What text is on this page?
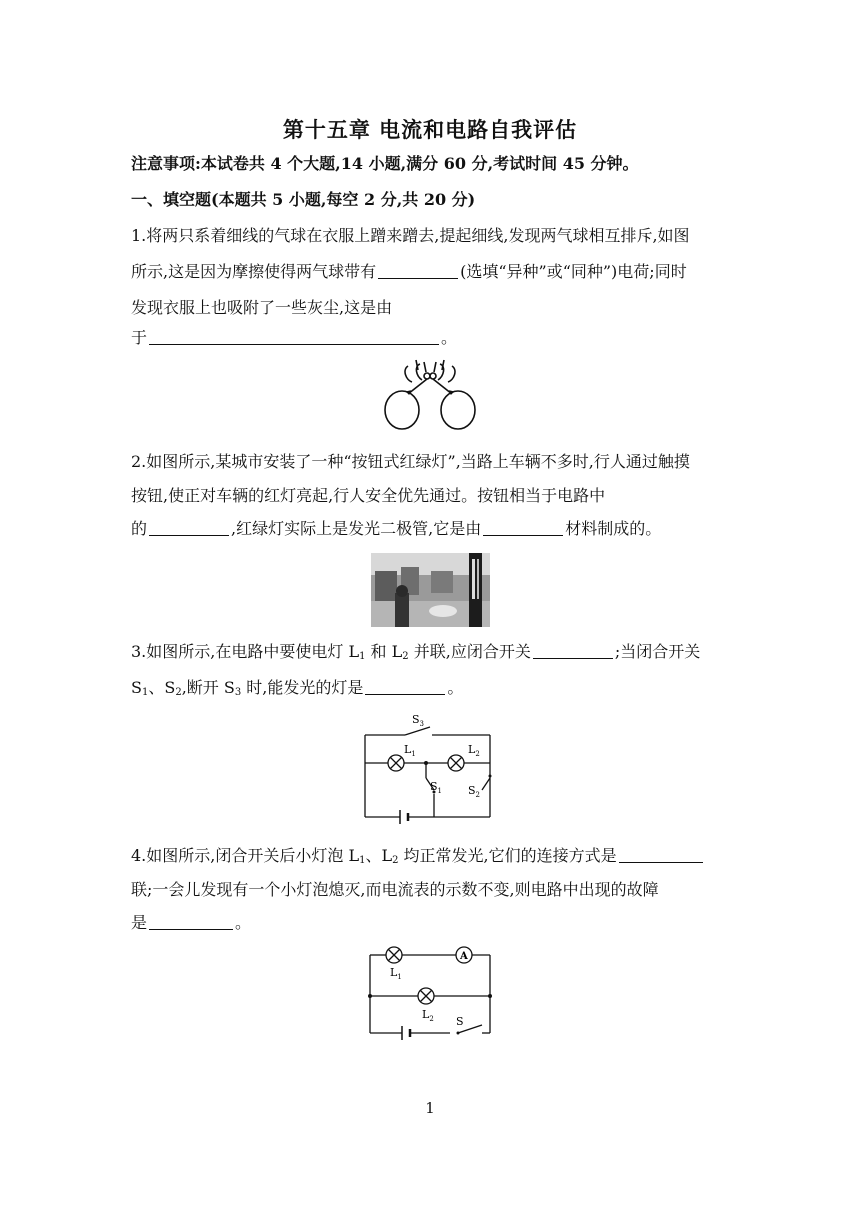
第十五章 电流和电路自我评估
注意事项:本试卷共 4 个大题,14 小题,满分 60 分,考试时间 45 分钟。
一、填空题(本题共 5 小题,每空 2 分,共 20 分)
1.将两只系着细线的气球在衣服上蹭来蹭去,提起细线,发现两气球相互排斥,如图
所示,这是因为摩擦使得两气球带有	(选填“异种”或“同种”)电荷;同时
发现衣服上也吸附了一些灰尘,这是由
于	。
2.如图所示,某城市安装了一种“按钮式红绿灯”,当路上车辆不多时,行人通过触摸
按钮,使正对车辆的红灯亮起,行人安全优先通过。按钮相当于电路中
的	,红绿灯实际上是发光二极管,它是由	材料制成的。
3.如图所示,在电路中要使电灯 $L_1$ 和 $L_2$ 并联,应闭合开关	;当闭合开关
$S_1$、$S_2$,断开 $S_3$ 时,能发光的灯是	。
$S_3$
$L_1$	$L_2$
$S_1$ $S_2$
4.如图所示,闭合开关后小灯泡 $L_1$、$L_2$ 均正常发光,它们的连接方式是
联;一会儿发现有一个小灯泡熄灭,而电流表的示数不变,则电路中出现的故障
是	。
A
$L_1$
$L_2$ S
1
